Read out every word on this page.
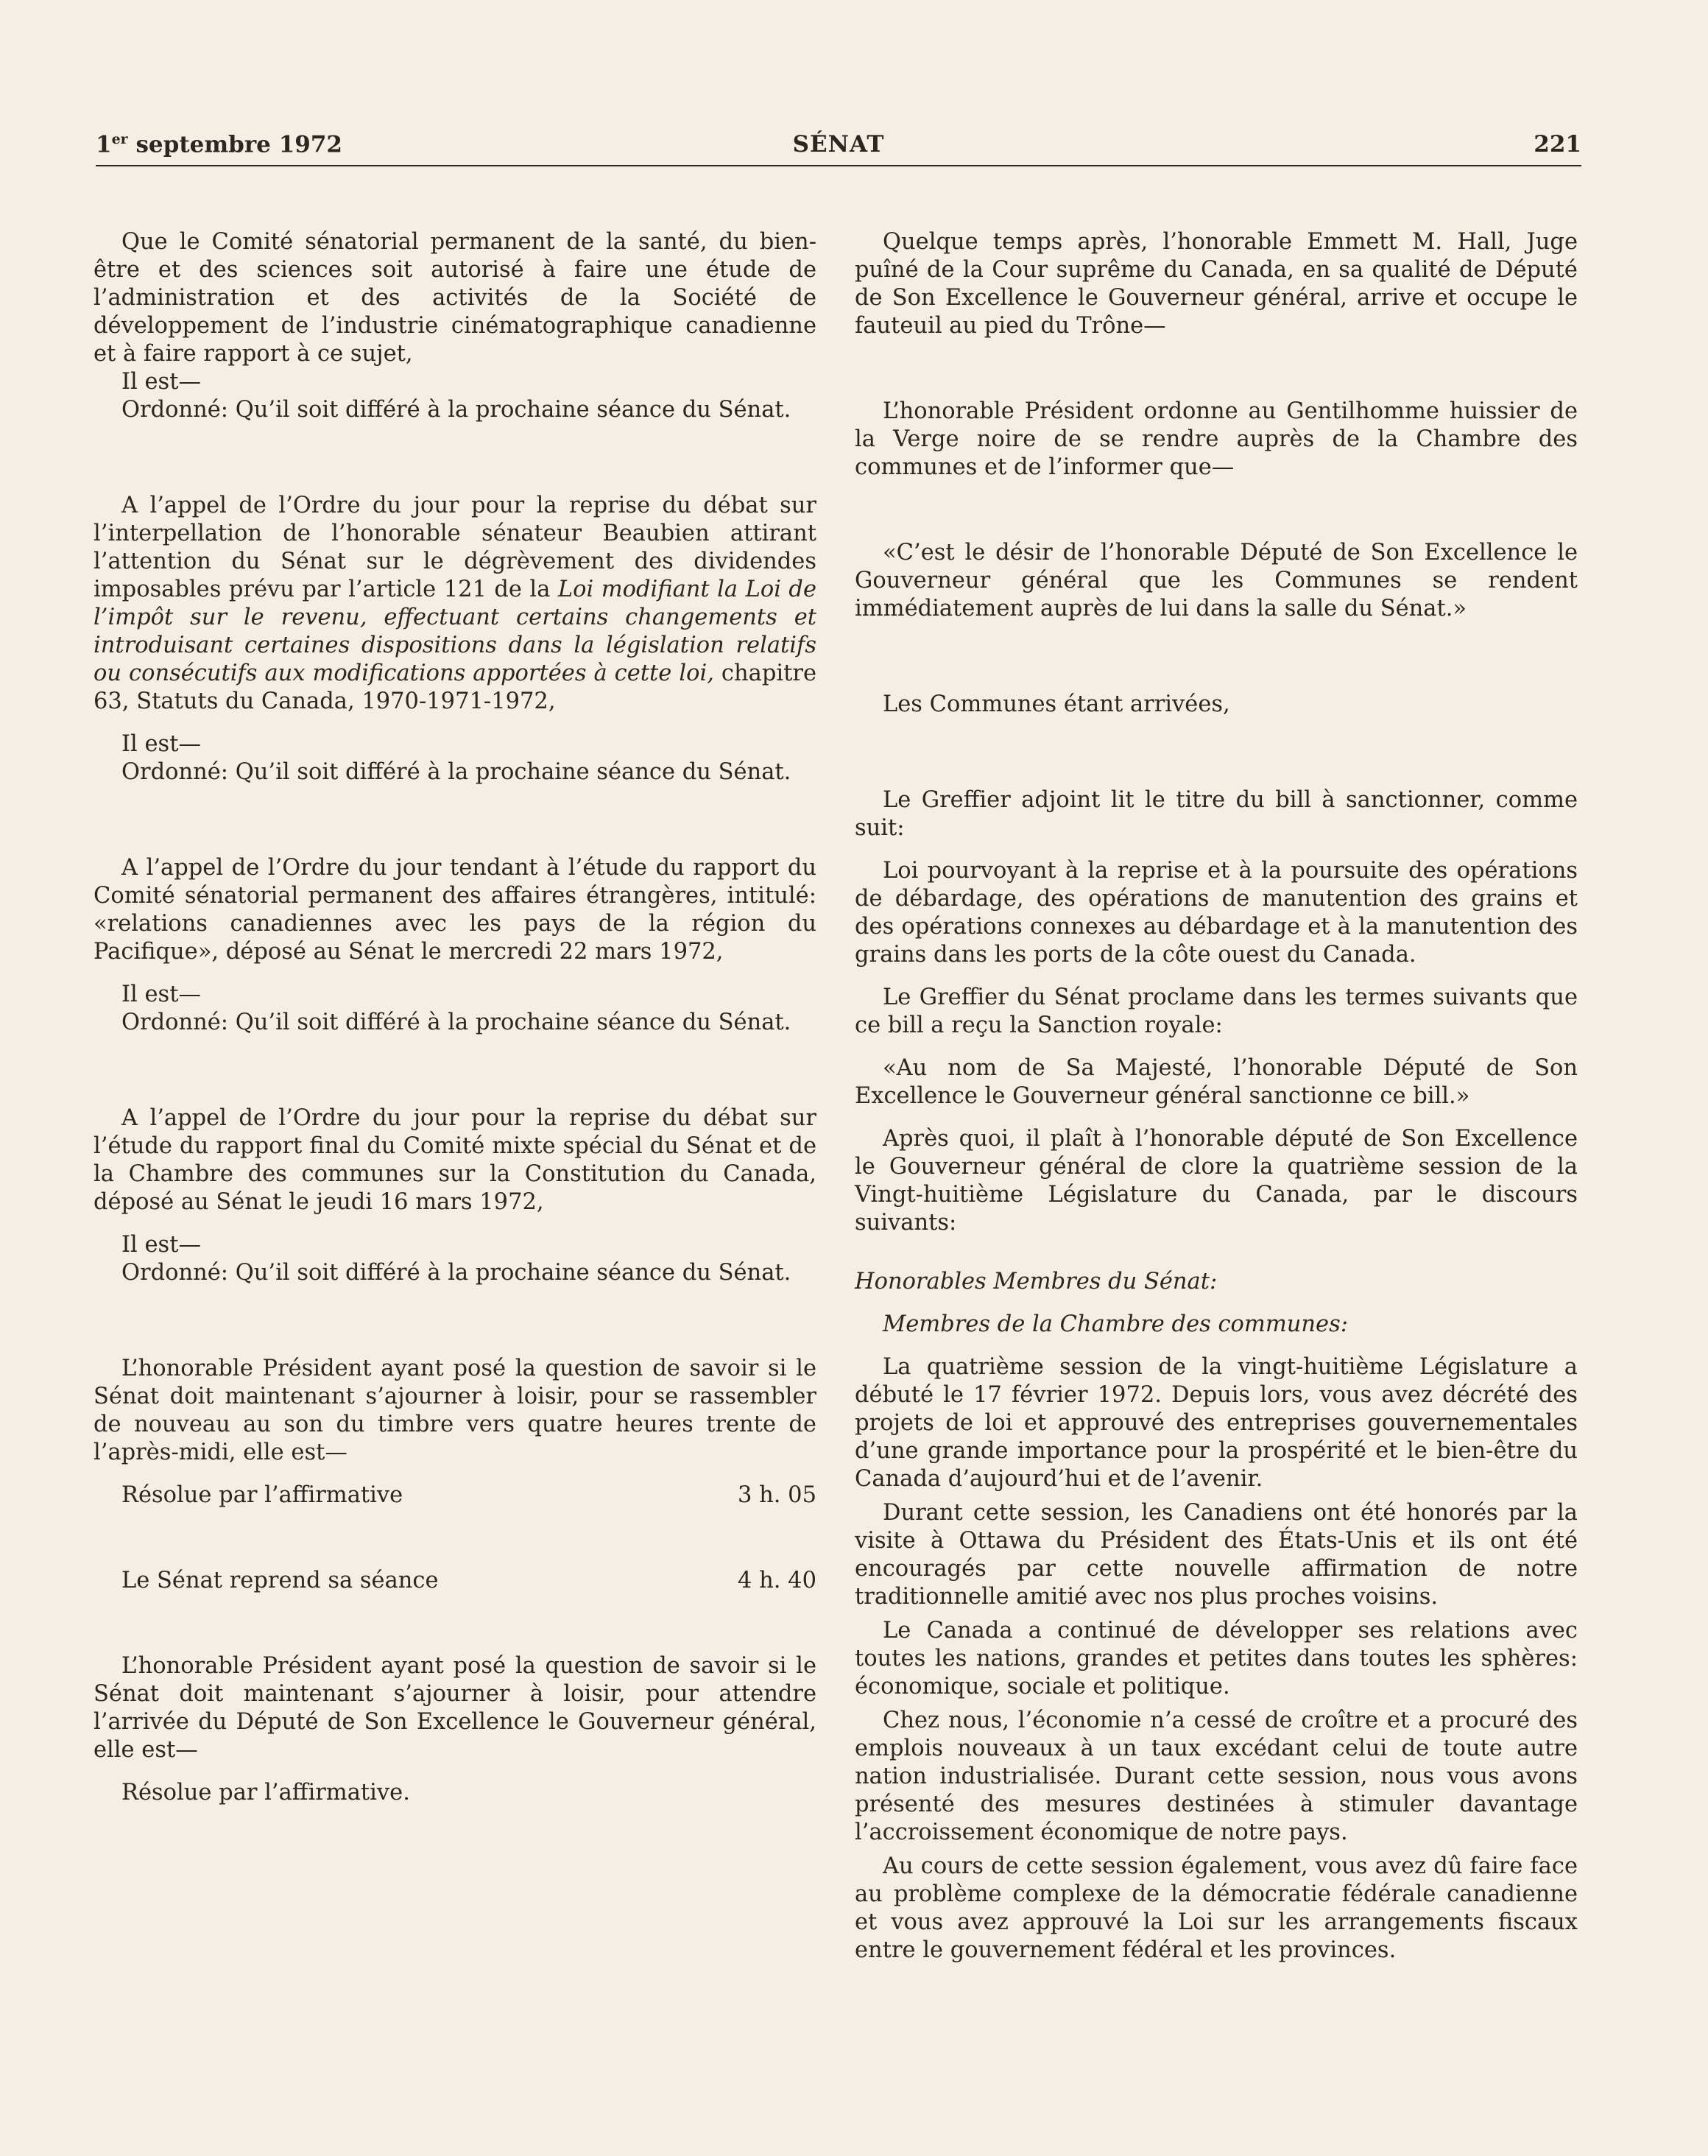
1er septembre 1972	SÉNAT	221

Que le Comité sénatorial permanent de la santé, du bien-être et des sciences soit autorisé à faire une étude de l’administration et des activités de la Société de développement de l’industrie cinématographique canadienne et à faire rapport à ce sujet,

Il est—

Ordonné: Qu’il soit différé à la prochaine séance du Sénat.

A l’appel de l’Ordre du jour pour la reprise du débat sur l’interpellation de l’honorable sénateur Beaubien attirant l’attention du Sénat sur le dégrèvement des dividendes imposables prévu par l’article 121 de la Loi modifiant la Loi de l’impôt sur le revenu, effectuant certains changements et introduisant certaines dispositions dans la législation relatifs ou consécutifs aux modifications apportées à cette loi, chapitre 63, Statuts du Canada, 1970-1971-1972,

Il est—

Ordonné: Qu’il soit différé à la prochaine séance du Sénat.

A l’appel de l’Ordre du jour tendant à l’étude du rapport du Comité sénatorial permanent des affaires étrangères, intitulé: «relations canadiennes avec les pays de la région du Pacifique», déposé au Sénat le mercredi 22 mars 1972,

Il est—

Ordonné: Qu’il soit différé à la prochaine séance du Sénat.

A l’appel de l’Ordre du jour pour la reprise du débat sur l’étude du rapport final du Comité mixte spécial du Sénat et de la Chambre des communes sur la Constitution du Canada, déposé au Sénat le jeudi 16 mars 1972,

Il est—

Ordonné: Qu’il soit différé à la prochaine séance du Sénat.

L’honorable Président ayant posé la question de savoir si le Sénat doit maintenant s’ajourner à loisir, pour se rassembler de nouveau au son du timbre vers quatre heures trente de l’après-midi, elle est—

Résolue par l’affirmative	3 h. 05
Le Sénat reprend sa séance	4 h. 40

L’honorable Président ayant posé la question de savoir si le Sénat doit maintenant s’ajourner à loisir, pour attendre l’arrivée du Député de Son Excellence le Gouverneur général, elle est—

Résolue par l’affirmative.

Quelque temps après, l’honorable Emmett M. Hall, Juge puîné de la Cour suprême du Canada, en sa qualité de Député de Son Excellence le Gouverneur général, arrive et occupe le fauteuil au pied du Trône—

L’honorable Président ordonne au Gentilhomme huissier de la Verge noire de se rendre auprès de la Chambre des communes et de l’informer que—

«C’est le désir de l’honorable Député de Son Excellence le Gouverneur général que les Communes se rendent immédiatement auprès de lui dans la salle du Sénat.»

Les Communes étant arrivées,

Le Greffier adjoint lit le titre du bill à sanctionner, comme suit:

Loi pourvoyant à la reprise et à la poursuite des opérations de débardage, des opérations de manutention des grains et des opérations connexes au débardage et à la manutention des grains dans les ports de la côte ouest du Canada.

Le Greffier du Sénat proclame dans les termes suivants que ce bill a reçu la Sanction royale:

«Au nom de Sa Majesté, l’honorable Député de Son Excellence le Gouverneur général sanctionne ce bill.»

Après quoi, il plaît à l’honorable député de Son Excellence le Gouverneur général de clore la quatrième session de la Vingt-huitième Législature du Canada, par le discours suivants:

Honorables Membres du Sénat:

Membres de la Chambre des communes:

La quatrième session de la vingt-huitième Législature a débuté le 17 février 1972. Depuis lors, vous avez décrété des projets de loi et approuvé des entreprises gouvernementales d’une grande importance pour la prospérité et le bien-être du Canada d’aujourd’hui et de l’avenir.

Durant cette session, les Canadiens ont été honorés par la visite à Ottawa du Président des États-Unis et ils ont été encouragés par cette nouvelle affirmation de notre traditionnelle amitié avec nos plus proches voisins.

Le Canada a continué de développer ses relations avec toutes les nations, grandes et petites dans toutes les sphères: économique, sociale et politique.

Chez nous, l’économie n’a cessé de croître et a procuré des emplois nouveaux à un taux excédant celui de toute autre nation industrialisée. Durant cette session, nous vous avons présenté des mesures destinées à stimuler davantage l’accroissement économique de notre pays.

Au cours de cette session également, vous avez dû faire face au problème complexe de la démocratie fédérale canadienne et vous avez approuvé la Loi sur les arrangements fiscaux entre le gouvernement fédéral et les provinces.
